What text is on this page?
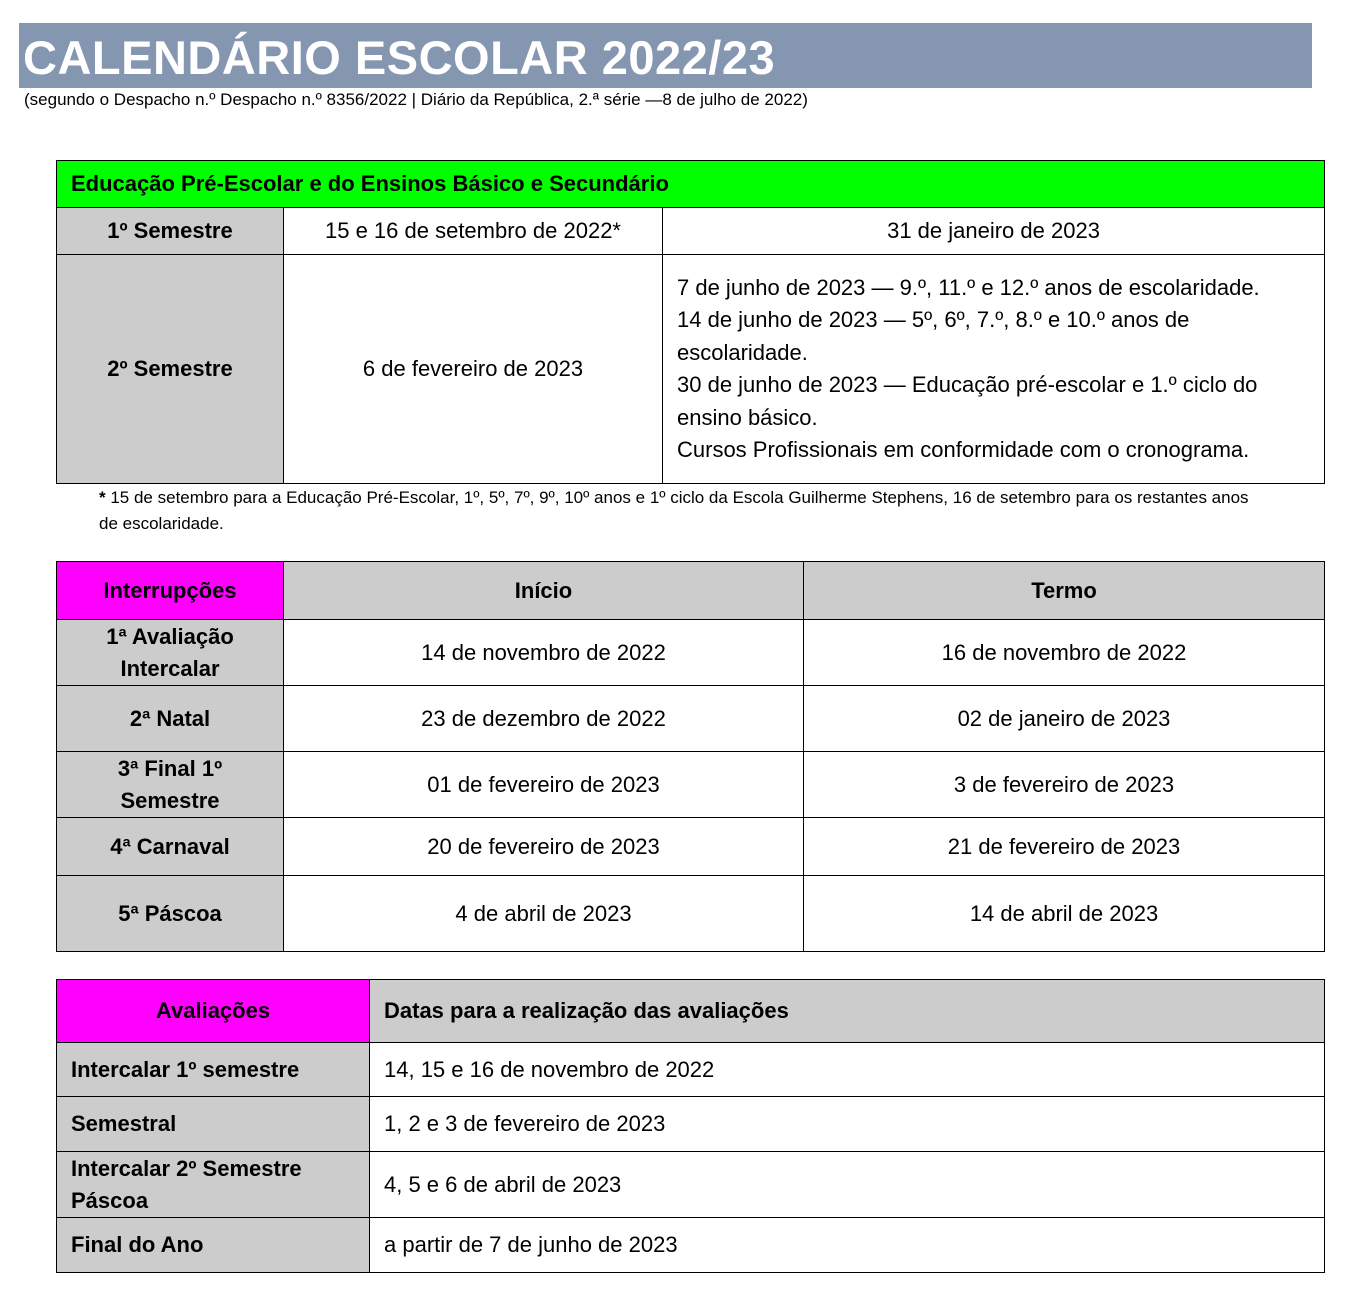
CALENDÁRIO ESCOLAR 2022/23
(segundo o Despacho n.º Despacho n.º 8356/2022 | Diário da República, 2.ª série —8 de julho de 2022)
Educação Pré-Escolar e do Ensinos Básico e Secundário		
1º Semestre	15 e 16 de setembro de 2022*	31 de janeiro de 2023

2º Semestre	6 de fevereiro de 2023	7 de junho de 2023 — 9.º, 11.º e 12.º anos de escolaridade.
14 de junho de 2023 — 5º, 6º, 7.º, 8.º e 10.º anos de escolaridade.
30 de junho de 2023 — Educação pré-escolar e 1.º ciclo do ensino básico.
Cursos Profissionais em conformidade com o cronograma.
* 15 de setembro para a Educação Pré-Escolar, 1º, 5º, 7º, 9º, 10º anos e 1º ciclo da Escola Guilherme Stephens, 16 de setembro para os restantes anos de escolaridade.
Interrupções	Início	Termo
1ª Avaliação Intercalar	14 de novembro de 2022	16 de novembro de 2022
2ª Natal	23 de dezembro de 2022	02 de janeiro de 2023
3ª Final 1º Semestre	01 de fevereiro de 2023	3 de fevereiro de 2023
4ª Carnaval	20 de fevereiro de 2023	21 de fevereiro de 2023
5ª Páscoa	4 de abril de 2023	14 de abril de 2023
Avaliações	Datas para a realização das avaliações
Intercalar 1º semestre	14, 15 e 16 de novembro de 2022
Semestral	1, 2 e 3 de fevereiro de 2023
Intercalar 2º Semestre Páscoa	4, 5 e 6 de abril de 2023
Final do Ano	a partir de 7 de junho de 2023
